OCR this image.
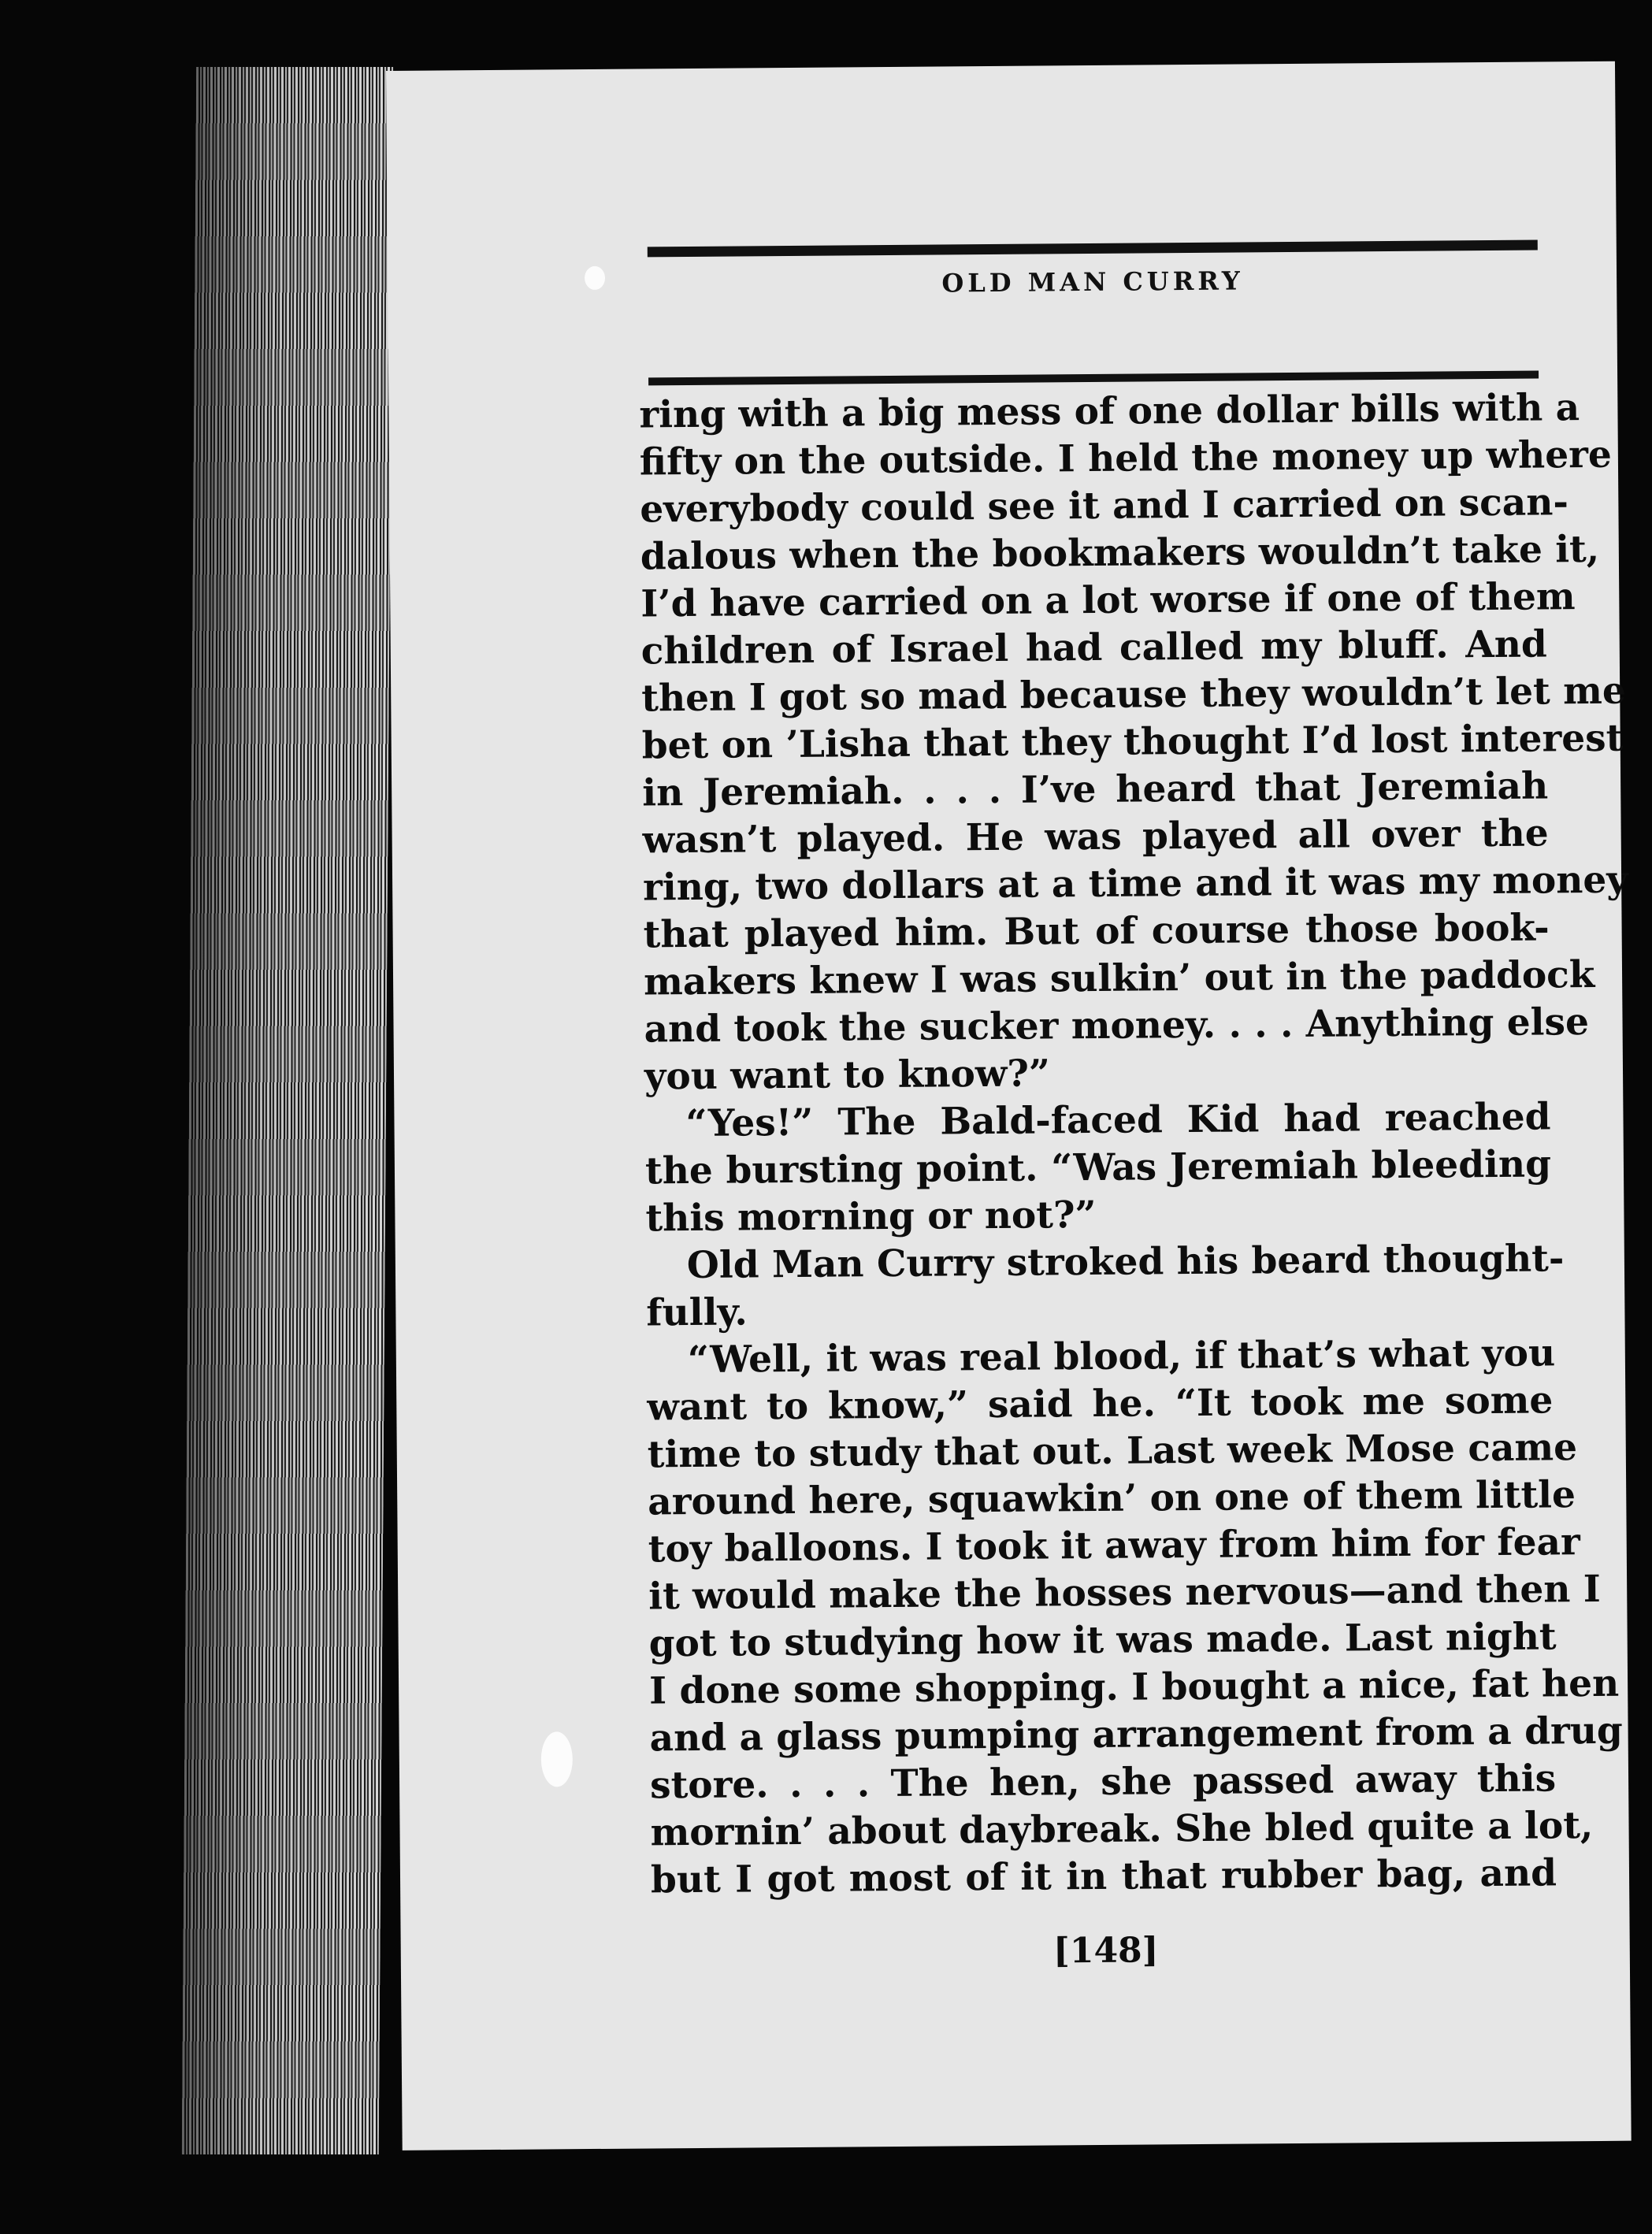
OLD MAN CURRY
ring with a big mess of one dollar bills with a
fifty on the outside. I held the money up where
everybody could see it and I carried on scan-
dalous when the bookmakers wouldn’t take it,
I’d have carried on a lot worse if one of them
children of Israel had called my bluff. And
then I got so mad because they wouldn’t let me
bet on ’Lisha that they thought I’d lost interest
in Jeremiah. . . . I’ve heard that Jeremiah
wasn’t played. He was played all over the
ring, two dollars at a time and it was my money
that played him. But of course those book-
makers knew I was sulkin’ out in the paddock
and took the sucker money. . . . Anything else
you want to know?”
“Yes!” The Bald-faced Kid had reached
the bursting point. “Was Jeremiah bleeding
this morning or not?”
Old Man Curry stroked his beard thought-
fully.
“Well, it was real blood, if that’s what you
want to know,” said he. “It took me some
time to study that out. Last week Mose came
around here, squawkin’ on one of them little
toy balloons. I took it away from him for fear
it would make the hosses nervous—and then I
got to studying how it was made. Last night
I done some shopping. I bought a nice, fat hen
and a glass pumping arrangement from a drug
store. . . . The hen, she passed away this
mornin’ about daybreak. She bled quite a lot,
but I got most of it in that rubber bag, and
[148]
